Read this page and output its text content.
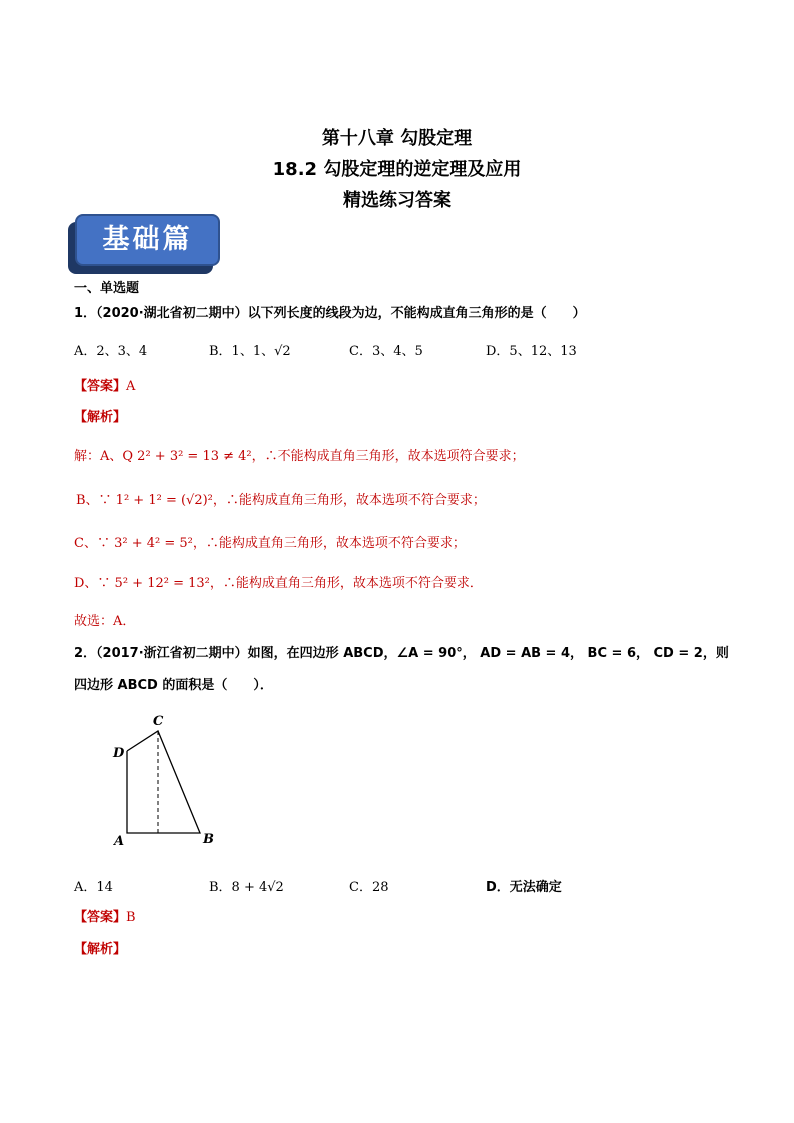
第十八章 勾股定理
18.2 勾股定理的逆定理及应用
精选练习答案
基础篇
一、单选题
1．（2020·湖北省初二期中）以下列长度的线段为边，不能构成直角三角形的是（　　）
A．2、3、4	B．1、1、√2	C．3、4、5	D．5、12、13
【答案】A
【解析】
解：A、Q 2² + 3² = 13 ≠ 4²，∴不能构成直角三角形，故本选项符合要求；
B、∵ 1² + 1² = (√2)²，∴能构成直角三角形，故本选项不符合要求；
C、∵ 3² + 4² = 5²，∴能构成直角三角形，故本选项不符合要求；
D、∵ 5² + 12² = 13²，∴能构成直角三角形，故本选项不符合要求．
故选：A．
2．（2017·浙江省初二期中）如图，在四边形 ABCD，∠A = 90°， AD = AB = 4， BC = 6， CD = 2，则
四边形 ABCD 的面积是（　　）．
C
D
A	B
A．14	B．8 + 4√2	C．28	D．无法确定
【答案】B
【解析】
